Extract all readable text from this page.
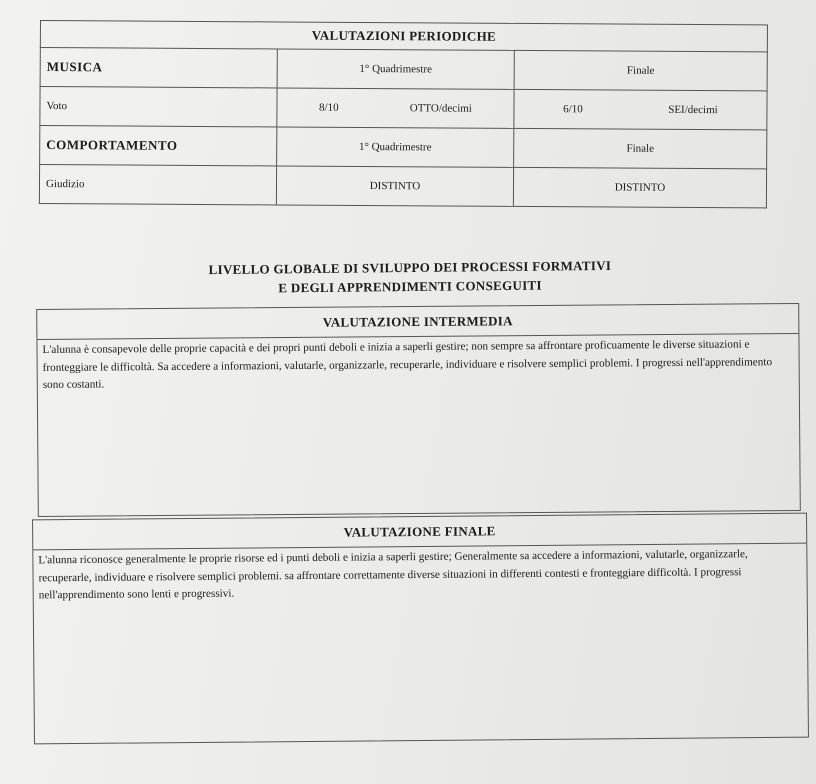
VALUTAZIONI PERIODICHE		
MUSICA	1° Quadrimestre	Finale
Voto	8/10 OTTO/decimi	6/10 SEI/decimi

COMPORTAMENTO	1° Quadrimestre	Finale
Giudizio	DISTINTO	DISTINTO
LIVELLO GLOBALE DI SVILUPPO DEI PROCESSI FORMATIVI
E DEGLI APPRENDIMENTI CONSEGUITI
VALUTAZIONE INTERMEDIA
L'alunna è consapevole delle proprie capacità e dei propri punti deboli e inizia a saperli gestire; non sempre sa affrontare proficuamente le diverse situazioni e fronteggiare le difficoltà. Sa accedere a informazioni, valutarle, organizzarle, recuperarle, individuare e risolvere semplici problemi. I progressi nell'apprendimento sono costanti.
VALUTAZIONE FINALE
L'alunna riconosce generalmente le proprie risorse ed i punti deboli e inizia a saperli gestire; Generalmente sa accedere a informazioni, valutarle, organizzarle, recuperarle, individuare e risolvere semplici problemi. sa affrontare correttamente diverse situazioni in differenti contesti e fronteggiare difficoltà. I progressi nell'apprendimento sono lenti e progressivi.
